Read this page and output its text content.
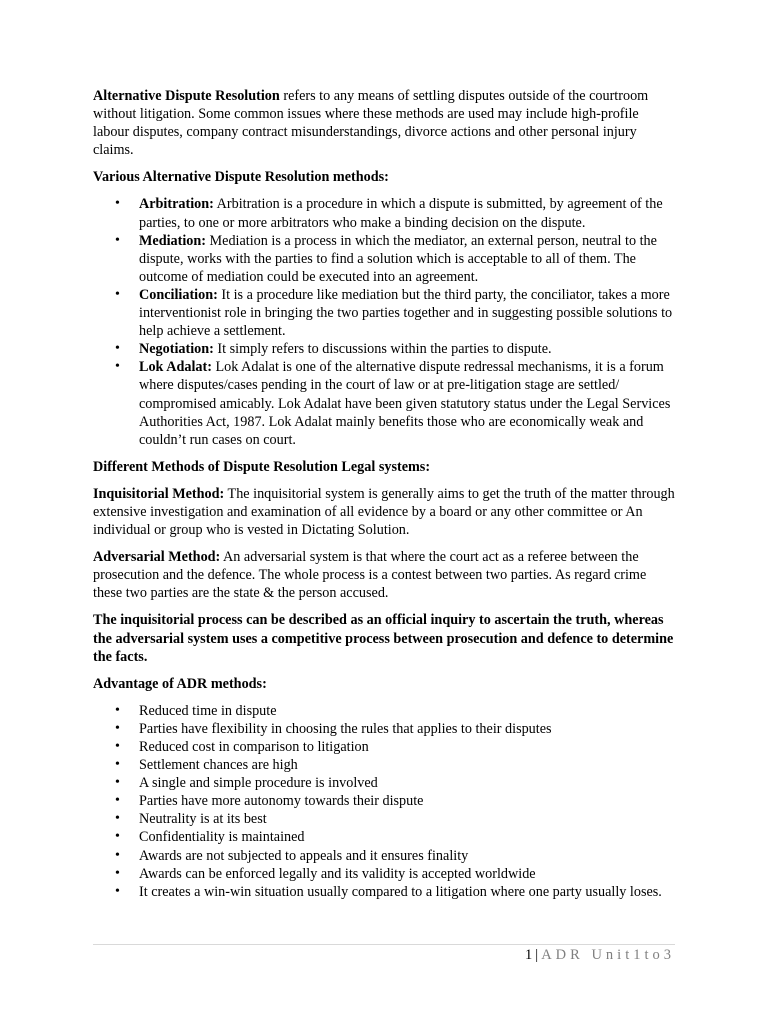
Alternative Dispute Resolution refers to any means of settling disputes outside of the courtroom without litigation. Some common issues where these methods are used may include high-profile labour disputes, company contract misunderstandings, divorce actions and other personal injury claims.

Various Alternative Dispute Resolution methods:

• Arbitration: Arbitration is a procedure in which a dispute is submitted, by agreement of the parties, to one or more arbitrators who make a binding decision on the dispute.
• Mediation: Mediation is a process in which the mediator, an external person, neutral to the dispute, works with the parties to find a solution which is acceptable to all of them. The outcome of mediation could be executed into an agreement.
• Conciliation: It is a procedure like mediation but the third party, the conciliator, takes a more interventionist role in bringing the two parties together and in suggesting possible solutions to help achieve a settlement.
• Negotiation: It simply refers to discussions within the parties to dispute.
• Lok Adalat: Lok Adalat is one of the alternative dispute redressal mechanisms, it is a forum where disputes/cases pending in the court of law or at pre-litigation stage are settled/ compromised amicably. Lok Adalat have been given statutory status under the Legal Services Authorities Act, 1987. Lok Adalat mainly benefits those who are economically weak and couldn’t run cases on court.

Different Methods of Dispute Resolution Legal systems:

Inquisitorial Method: The inquisitorial system is generally aims to get the truth of the matter through extensive investigation and examination of all evidence by a board or any other committee or An individual or group who is vested in Dictating Solution.

Adversarial Method: An adversarial system is that where the court act as a referee between the prosecution and the defence. The whole process is a contest between two parties. As regard crime these two parties are the state & the person accused.

The inquisitorial process can be described as an official inquiry to ascertain the truth, whereas the adversarial system uses a competitive process between prosecution and defence to determine the facts.

Advantage of ADR methods:

• Reduced time in dispute
• Parties have flexibility in choosing the rules that applies to their disputes
• Reduced cost in comparison to litigation
• Settlement chances are high
• A single and simple procedure is involved
• Parties have more autonomy towards their dispute
• Neutrality is at its best
• Confidentiality is maintained
• Awards are not subjected to appeals and it ensures finality
• Awards can be enforced legally and its validity is accepted worldwide
• It creates a win-win situation usually compared to a litigation where one party usually loses.
1 | ADR Unit1to3
